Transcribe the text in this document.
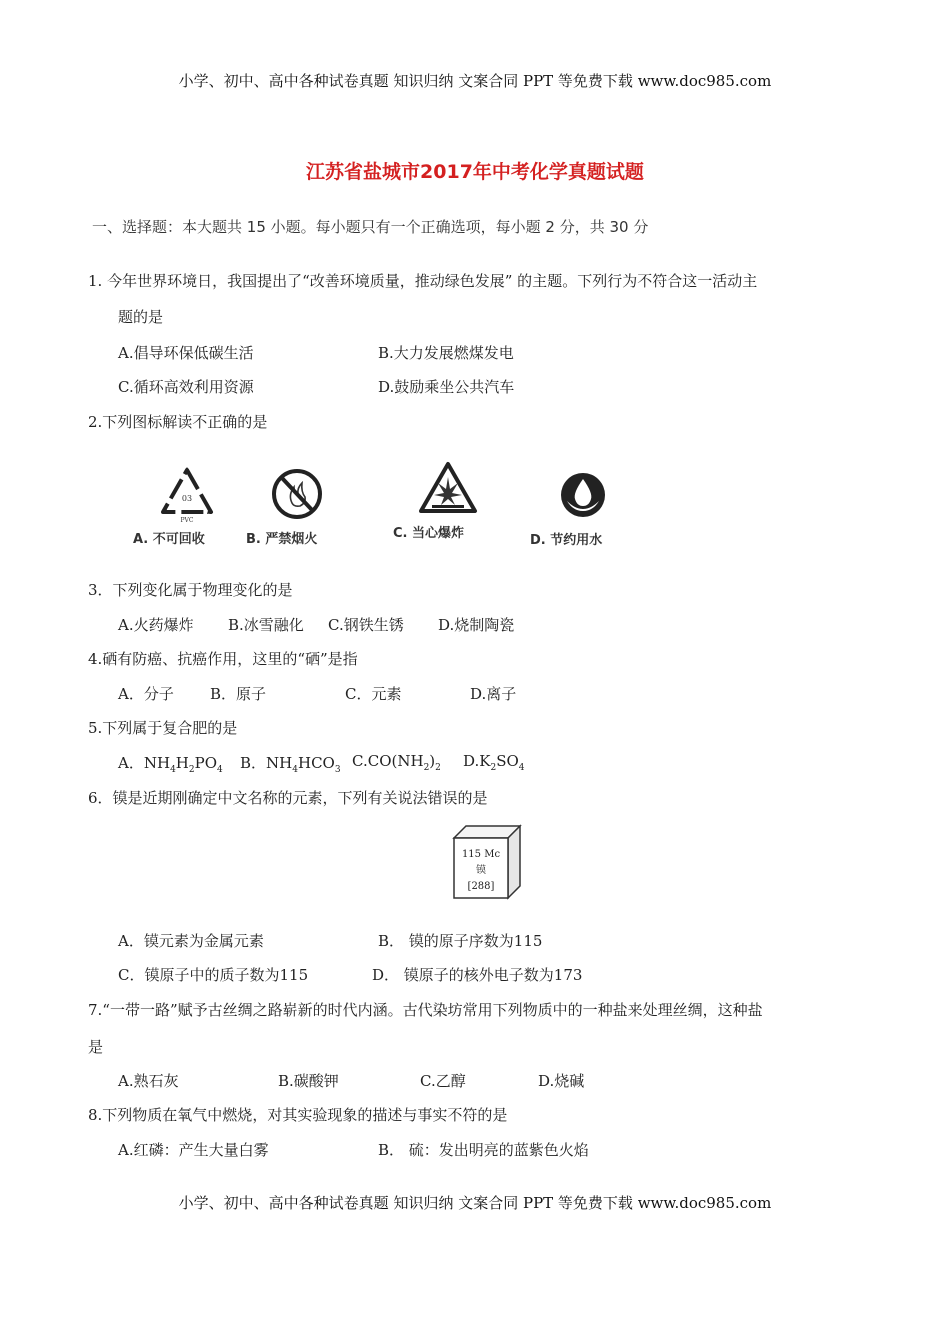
小学、初中、高中各种试卷真题 知识归纳 文案合同 PPT 等免费下载 www.doc985.com
江苏省盐城市2017年中考化学真题试题
一、选择题：本大题共 15 小题。每小题只有一个正确选项，每小题 2 分，共 30 分
1. 今年世界环境日，我国提出了“改善环境质量，推动绿色发展” 的主题。下列行为不符合这一活动主
题的是
A.倡导环保低碳生活	B.大力发展燃煤发电
C.循环高效利用资源	D.鼓励乘坐公共汽车
2.下列图标解读不正确的是
03
PVC
A. 不可回收	B. 严禁烟火	C. 当心爆炸	D. 节约用水
3．下列变化属于物理变化的是
A.火药爆炸 B.冰雪融化 C.钢铁生锈 D.烧制陶瓷
4.硒有防癌、抗癌作用，这里的“硒”是指
A．分子 B．原子	C．元素	D.离子
5.下列属于复合肥的是
A．$NH_4H_2PO_4$ B．$NH_4HCO_3$ $C.CO(NH_2)_2$ $D.K_2SO_4$
6．镆是近期刚确定中文名称的元素，下列有关说法错误的是
115 Mc
镆
[288]
A．镆元素为金属元素	B． 镆的原子序数为115
C．镆原子中的质子数为115	D． 镆原子的核外电子数为173
7.“一带一路”赋予古丝绸之路崭新的时代内涵。古代染坊常用下列物质中的一种盐来处理丝绸，这种盐
是
A.熟石灰	B.碳酸钾	C.乙醇	D.烧碱
8.下列物质在氧气中燃烧，对其实验现象的描述与事实不符的是
A.红磷：产生大量白雾	B． 硫：发出明亮的蓝紫色火焰
小学、初中、高中各种试卷真题 知识归纳 文案合同 PPT 等免费下载 www.doc985.com
